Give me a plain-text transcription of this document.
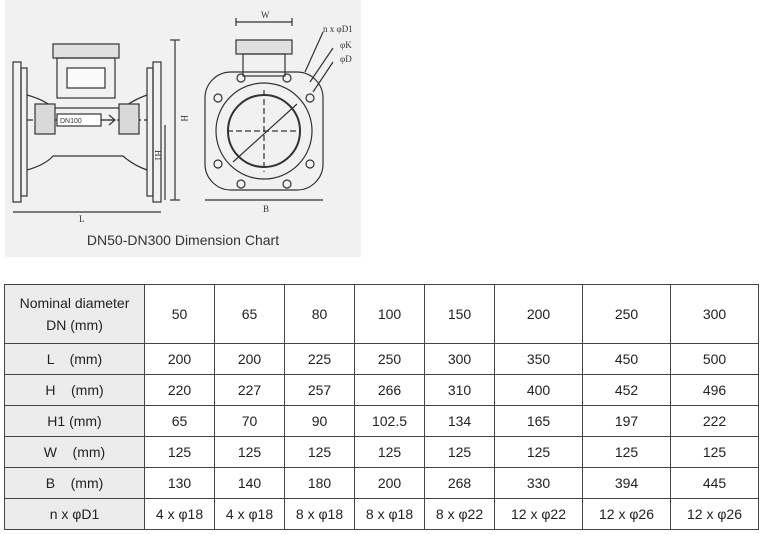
W
H
H1
L
B
n x φD1
φK
φD
DN100
DN50-DN300 Dimension Chart
Nominal diameter
DN (mm)	50	65	80	100	150	200	250	300
L    (mm)	200	200	225	250	300	350	450	500
H    (mm)	220	227	257	266	310	400	452	496
H1 (mm)	65	70	90	102.5	134	165	197	222
W    (mm)	125	125	125	125	125	125	125	125
B    (mm)	130	140	180	200	268	330	394	445
n x φD1	4 x φ18	4 x φ18	8 x φ18	8 x φ18	8 x φ22	12 x φ22	12 x φ26	12 x φ26
